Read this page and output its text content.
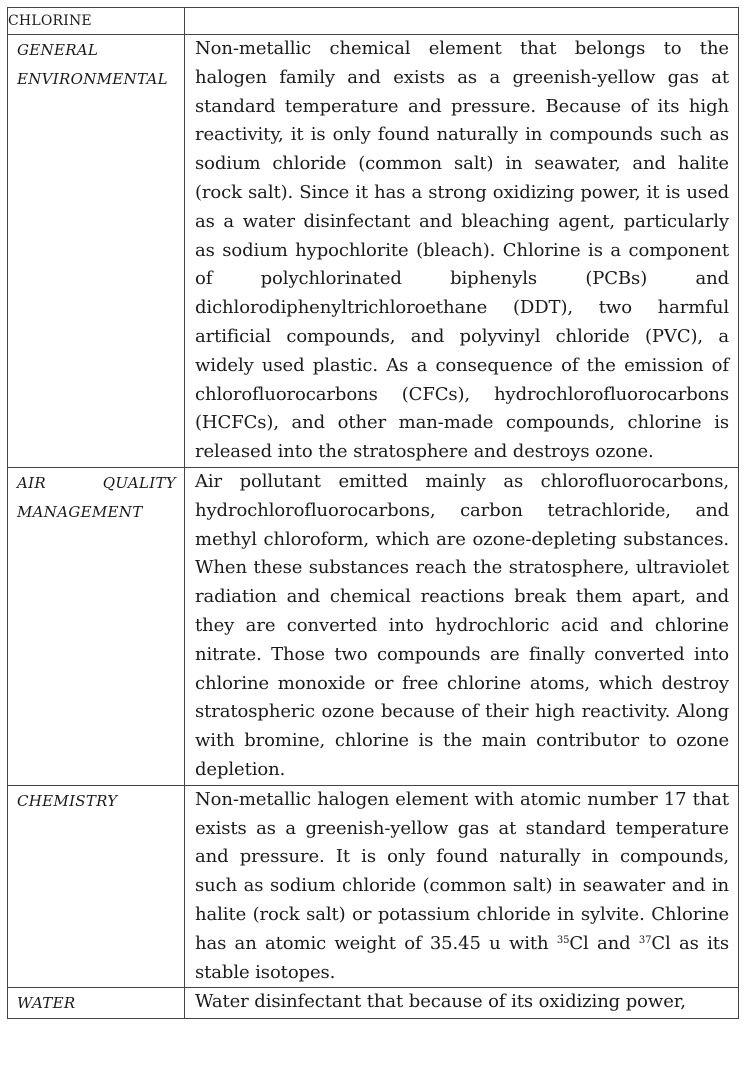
CHLORINE	

GENERAL
ENVIRONMENTAL	Non-metallic chemical element that belongs to the halogen family and exists as a greenish-yellow gas at standard temperature and pressure. Because of its high reactivity, it is only found naturally in compounds such as sodium chloride (common salt) in seawater, and halite (rock salt). Since it has a strong oxidizing power, it is used as a water disinfectant and bleaching agent, particularly as sodium hypochlorite (bleach). Chlorine is a component of polychlorinated biphenyls (PCBs) and dichlorodiphenyltrichloroethane (DDT), two harmful artificial compounds, and polyvinyl chloride (PVC), a widely used plastic. As a consequence of the emission of chlorofluorocarbons (CFCs), hydrochlorofluorocarbons (HCFCs), and other man-made compounds, chlorine is released into the stratosphere and destroys ozone.

AIR QUALITY
MANAGEMENT	Air pollutant emitted mainly as chlorofluorocarbons, hydrochlorofluorocarbons, carbon tetrachloride, and methyl chloroform, which are ozone-depleting substances. When these substances reach the stratosphere, ultraviolet radiation and chemical reactions break them apart, and they are converted into hydrochloric acid and chlorine nitrate. Those two compounds are finally converted into chlorine monoxide or free chlorine atoms, which destroy stratospheric ozone because of their high reactivity. Along with bromine, chlorine is the main contributor to ozone depletion.

CHEMISTRY	Non-metallic halogen element with atomic number 17 that exists as a greenish-yellow gas at standard temperature and pressure. It is only found naturally in compounds, such as sodium chloride (common salt) in seawater and in halite (rock salt) or potassium chloride in sylvite. Chlorine has an atomic weight of 35.45 u with $^{35}$Cl and $^{37}$Cl as its stable isotopes.

WATER	Water disinfectant that because of its oxidizing power,
